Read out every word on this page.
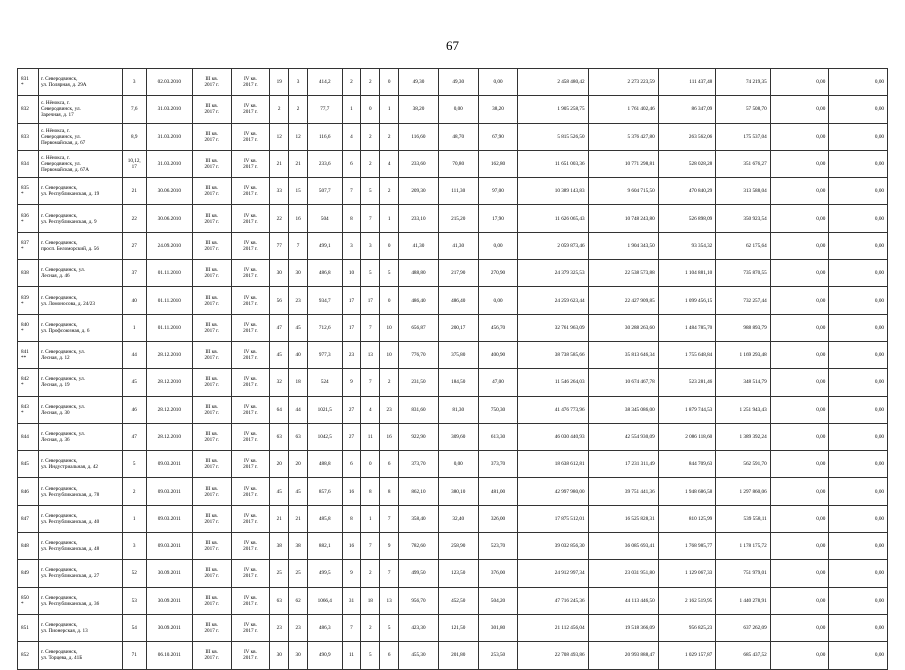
67
831
*	г. Северодвинск,
ул. Полярная, д. 29А	3	02.03.2010	III кв.
2017 г.	IV кв.
2017 г.	19	3	414,2	2	2	0	49,30	49,30	0,00	2 458 480,42	2 273 223,59	111 437,48	74 219,35	0,00	0,00
832	с. Нёнокса, г.
Северодвинск, ул.
Заречная, д. 17	7,6	31.03.2010	III кв.
2017 г.	IV кв.
2017 г.	2	2	77,7	1	0	1	38,20	0,00	38,20	1 905 258,75	1 761 402,46	86 347,09	57 508,70	0,00	0,00
833	с. Нёнокса, г.
Северодвинск, ул.
Первомайская, д. 67	8,9	31.03.2010	III кв.
2017 г.	IV кв.
2017 г.	12	12	116,6	4	2	2	116,60	48,70	67,90	5 815 526,50	5 376 427,80	263 562,06	175 537,04	0,00	0,00
834	с. Нёнокса, г.
Северодвинск, ул.
Первомайская, д. 67А	10,12,
17	31.03.2010	III кв.
2017 г.	IV кв.
2017 г.	21	21	233,6	6	2	4	233,60	70,80	162,80	11 651 003,36	10 771 298,81	528 028,28	351 676,27	0,00	0,00
835
*	г. Северодвинск,
ул. Республиканская, д. 19	21	30.06.2010	III кв.
2017 г.	IV кв.
2017 г.	33	15	507,7	7	5	2	209,30	111,30	97,00	10 389 143,83	9 604 715,50	470 840,29	313 588,04	0,00	0,00
836
*	г. Северодвинск,
ул. Республиканская, д. 9	22	30.06.2010	III кв.
2017 г.	IV кв.
2017 г.	22	16	504	8	7	1	233,10	215,20	17,90	11 626 065,43	10 748 243,80	526 898,09	350 923,54	0,00	0,00
837
*	г. Северодвинск,
просп. Беломорский, д. 56	27	24.09.2010	III кв.
2017 г.	IV кв.
2017 г.	77	7	499,1	3	3	0	41,30	41,30	0,00	2 059 873,46	1 904 343,50	93 354,32	62 175,64	0,00	0,00
838	г. Северодвинск, ул.
Лесная, д. 46	37	01.11.2010	III кв.
2017 г.	IV кв.
2017 г.	30	30	486,8	10	5	5	488,80	217,90	270,90	24 379 325,53	22 538 573,88	1 104 881,10	735 870,55	0,00	0,00
839
*	г. Северодвинск,
ул. Ломоносова, д. 24/23	40	01.11.2010	III кв.
2017 г.	IV кв.
2017 г.	56	23	934,7	17	17	0	486,40	486,40	0,00	24 259 623,44	22 427 909,85	1 099 456,15	732 257,44	0,00	0,00
840
*	г. Северодвинск,
ул. Профсоюзная, д. 6	1	01.11.2010	III кв.
2017 г.	IV кв.
2017 г.	47	45	712,6	17	7	10	656,87	200,17	456,70	32 761 963,09	30 288 263,60	1 484 785,70	988 893,79	0,00	0,00
841
**	г. Северодвинск, ул.
Лесная, д. 12	44	28.12.2010	III кв.
2017 г.	IV кв.
2017 г.	45	40	977,3	23	13	10	776,70	375,80	400,90	38 738 585,66	35 813 646,34	1 755 648,84	1 169 293,48	0,00	0,00
842
*	г. Северодвинск, ул.
Лесная, д. 19	45	28.12.2010	III кв.
2017 г.	IV кв.
2017 г.	32	18	524	9	7	2	231,50	184,50	47,00	11 546 264,03	10 674 467,78	523 281,46	348 514,79	0,00	0,00
843
*	г. Северодвинск, ул.
Лесная, д. 30	46	28.12.2010	III кв.
2017 г.	IV кв.
2017 г.	64	44	1021,5	27	4	23	831,60	81,30	750,30	41 476 773,96	38 345 086,00	1 879 744,53	1 251 943,43	0,00	0,00
844	г. Северодвинск, ул.
Лесная, д. 36	47	28.12.2010	III кв.
2017 г.	IV кв.
2017 г.	63	63	1042,5	27	11	16	922,90	309,60	613,30	46 030 440,93	42 554 930,09	2 086 118,60	1 389 392,24	0,00	0,00
845	г. Северодвинск,
ул. Индустриальная, д. 42	5	09.03.2011	III кв.
2017 г.	IV кв.
2017 г.	20	20	488,8	6	0	6	373,70	0,00	373,70	18 638 612,81	17 231 311,49	844 709,63	562 591,70	0,00	0,00
846	г. Северодвинск,
ул. Республиканская, д. 78	2	09.03.2011	III кв.
2017 г.	IV кв.
2017 г.	45	45	857,6	16	8	8	862,10	380,10	481,00	42 997 980,00	39 751 441,36	1 948 686,58	1 297 860,06	0,00	0,00
847	г. Северодвинск,
ул. Республиканская, д. 40	1	09.03.2011	III кв.
2017 г.	IV кв.
2017 г.	21	21	485,8	8	1	7	358,40	32,40	326,00	17 875 512,01	16 525 828,31	810 125,99	539 558,11	0,00	0,00
848	г. Северодвинск,
ул. Республиканская, д. 48	3	09.03.2011	III кв.
2017 г.	IV кв.
2017 г.	38	38	882,1	16	7	9	782,60	258,90	523,70	39 032 856,30	36 085 693,41	1 768 985,77	1 178 175,72	0,00	0,00
849	г. Северодвинск,
ул. Республиканская, д. 27	52	30.09.2011	III кв.
2017 г.	IV кв.
2017 г.	25	25	499,5	9	2	7	499,50	123,50	376,00	24 912 997,34	23 031 951,80	1 129 067,33	751 979,01	0,00	0,00
850
*	г. Северодвинск,
ул. Республиканская, д. 36	53	30.09.2011	III кв.
2017 г.	IV кв.
2017 г.	63	62	1066,4	31	18	13	956,70	452,50	504,20	47 716 245,36	44 113 446,50	2 162 519,95	1 440 278,91	0,00	0,00
851	г. Северодвинск,
ул. Пионерская, д. 13	54	30.09.2011	III кв.
2017 г.	IV кв.
2017 г.	23	23	486,3	7	2	5	423,30	121,50	301,80	21 112 456,04	19 518 366,09	956 825,23	637 262,09	0,00	0,00
852	г. Северодвинск,
ул. Торцева, д. 41Б	71	06.10.2011	III кв.
2017 г.	IV кв.
2017 г.	30	30	490,9	11	5	6	455,30	201,80	253,50	22 708 493,86	20 993 888,47	1 029 157,87	685 437,52	0,00	0,00
